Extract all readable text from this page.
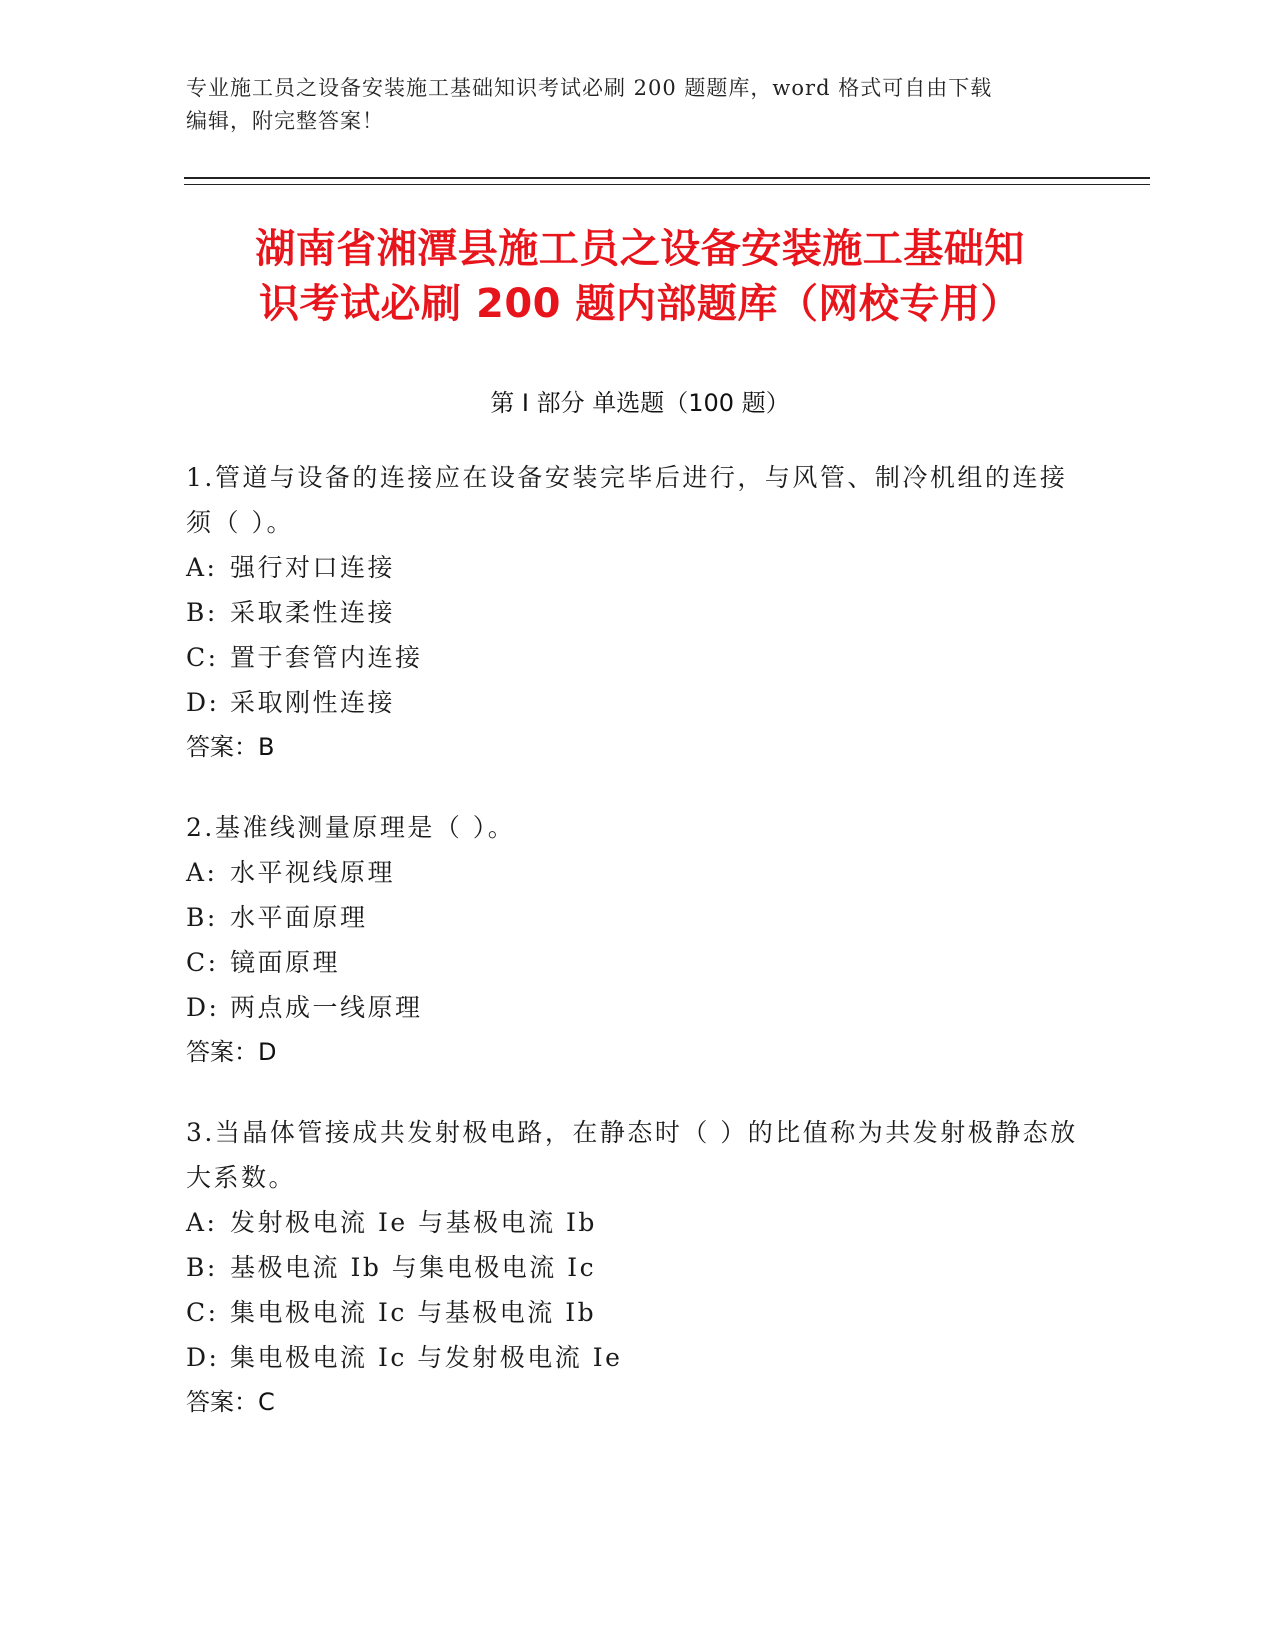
专业施工员之设备安装施工基础知识考试必刷 200 题题库，word 格式可自由下载
编辑，附完整答案！
湖南省湘潭县施工员之设备安装施工基础知
识考试必刷 200 题内部题库（网校专用）
第 I 部分 单选题（100 题）
1.管道与设备的连接应在设备安装完毕后进行，与风管、制冷机组的连接须（ ）。
A: 强行对口连接
B: 采取柔性连接
C: 置于套管内连接
D: 采取刚性连接
答案：B
2.基准线测量原理是（ ）。
A: 水平视线原理
B: 水平面原理
C: 镜面原理
D: 两点成一线原理
答案：D
3.当晶体管接成共发射极电路，在静态时（ ）的比值称为共发射极静态放大系数。
A: 发射极电流 Ie 与基极电流 Ib
B: 基极电流 Ib 与集电极电流 Ic
C: 集电极电流 Ic 与基极电流 Ib
D: 集电极电流 Ic 与发射极电流 Ie
答案：C
